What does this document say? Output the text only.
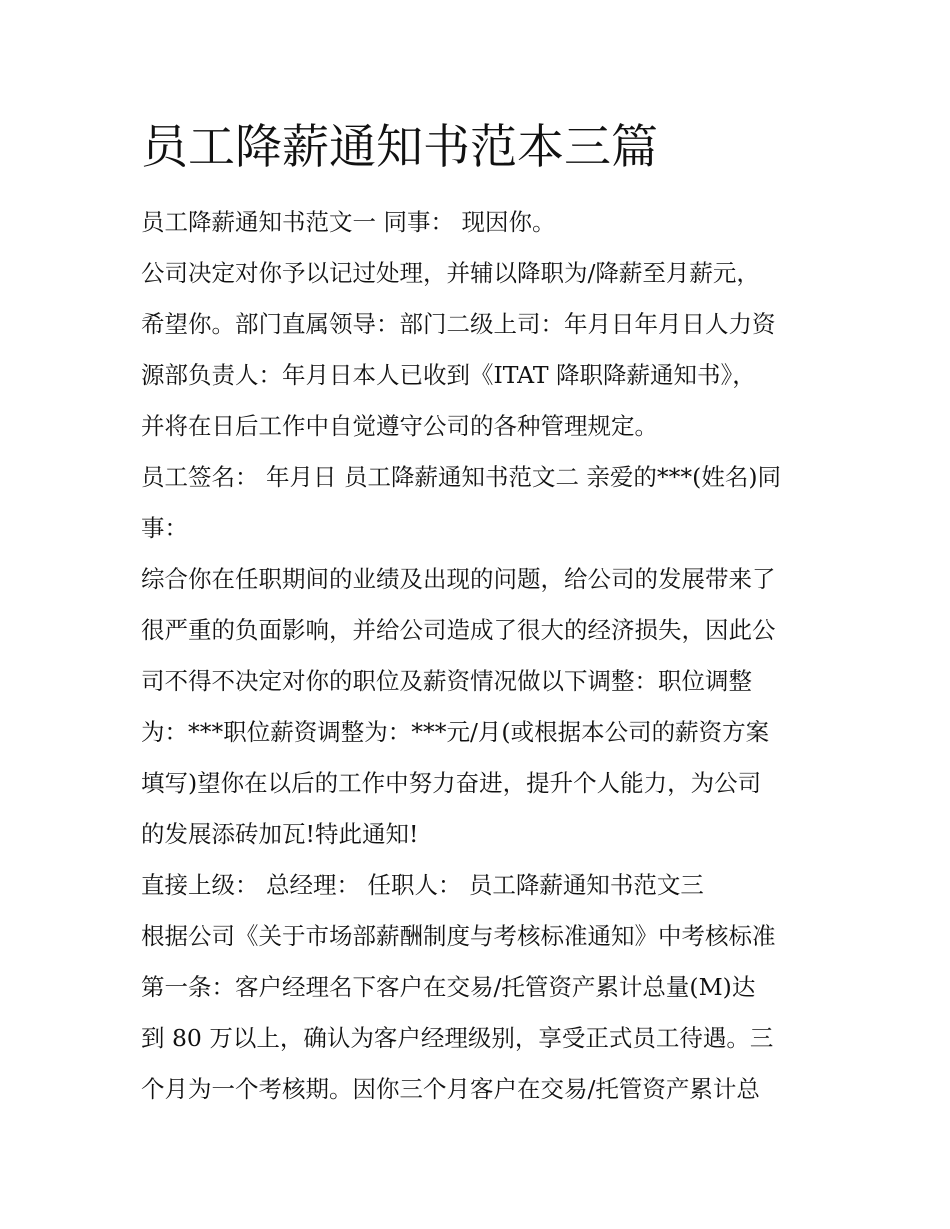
员工降薪通知书范本三篇

员工降薪通知书范文一 同事： 现因你。

公司决定对你予以记过处理，并辅以降职为/降薪至月薪元，

希望你。部门直属领导：部门二级上司：年月日年月日人力资

源部负责人：年月日本人已收到《ITAT 降职降薪通知书》，

并将在日后工作中自觉遵守公司的各种管理规定。

员工签名： 年月日 员工降薪通知书范文二 亲爱的***(姓名)同

事：

综合你在任职期间的业绩及出现的问题，给公司的发展带来了

很严重的负面影响，并给公司造成了很大的经济损失，因此公

司不得不决定对你的职位及薪资情况做以下调整：职位调整

为：***职位薪资调整为：***元/月(或根据本公司的薪资方案

填写)望你在以后的工作中努力奋进，提升个人能力，为公司

的发展添砖加瓦!特此通知!

直接上级： 总经理： 任职人： 员工降薪通知书范文三

根据公司《关于市场部薪酬制度与考核标准通知》中考核标准

第一条：客户经理名下客户在交易/托管资产累计总量(M)达

到 80 万以上，确认为客户经理级别，享受正式员工待遇。三

个月为一个考核期。因你三个月客户在交易/托管资产累计总
